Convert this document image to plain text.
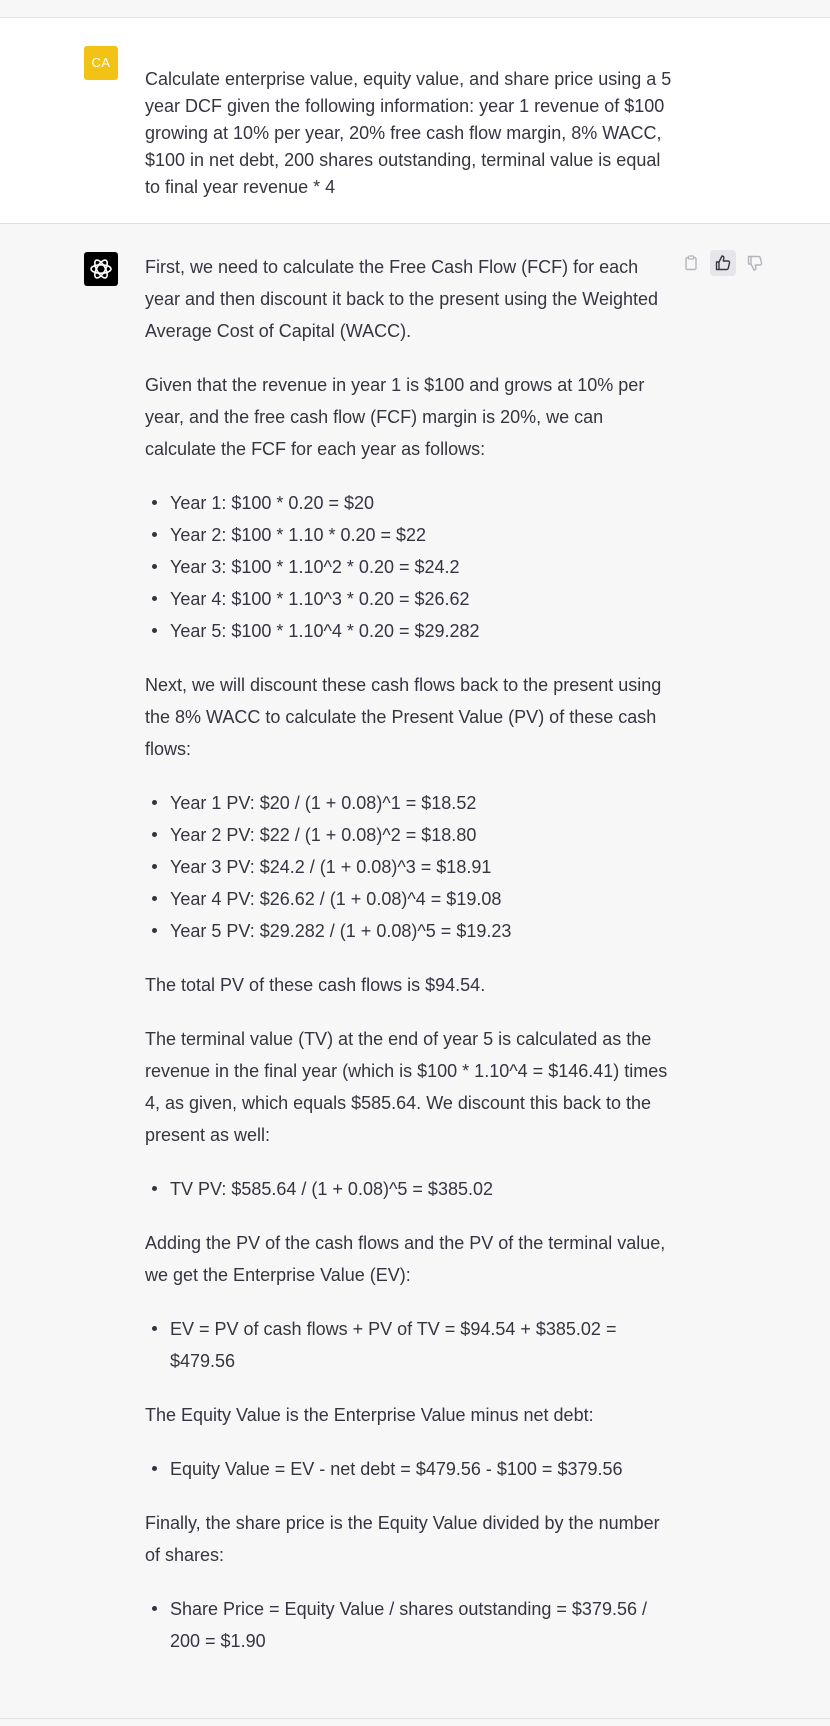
CA
Calculate enterprise value, equity value, and share price using a 5 year DCF given the following information: year 1 revenue of $100 growing at 10% per year, 20% free cash flow margin, 8% WACC, $100 in net debt, 200 shares outstanding, terminal value is equal to final year revenue * 4

First, we need to calculate the Free Cash Flow (FCF) for each year and then discount it back to the present using the Weighted Average Cost of Capital (WACC).

Given that the revenue in year 1 is $100 and grows at 10% per year, and the free cash flow (FCF) margin is 20%, we can calculate the FCF for each year as follows:

Year 1: $100 * 0.20 = $20
Year 2: $100 * 1.10 * 0.20 = $22
Year 3: $100 * 1.10^2 * 0.20 = $24.2
Year 4: $100 * 1.10^3 * 0.20 = $26.62
Year 5: $100 * 1.10^4 * 0.20 = $29.282

Next, we will discount these cash flows back to the present using the 8% WACC to calculate the Present Value (PV) of these cash flows:

Year 1 PV: $20 / (1 + 0.08)^1 = $18.52
Year 2 PV: $22 / (1 + 0.08)^2 = $18.80
Year 3 PV: $24.2 / (1 + 0.08)^3 = $18.91
Year 4 PV: $26.62 / (1 + 0.08)^4 = $19.08
Year 5 PV: $29.282 / (1 + 0.08)^5 = $19.23

The total PV of these cash flows is $94.54.

The terminal value (TV) at the end of year 5 is calculated as the revenue in the final year (which is $100 * 1.10^4 = $146.41) times 4, as given, which equals $585.64. We discount this back to the present as well:

TV PV: $585.64 / (1 + 0.08)^5 = $385.02

Adding the PV of the cash flows and the PV of the terminal value, we get the Enterprise Value (EV):

EV = PV of cash flows + PV of TV = $94.54 + $385.02 = $479.56

The Equity Value is the Enterprise Value minus net debt:

Equity Value = EV - net debt = $479.56 - $100 = $379.56

Finally, the share price is the Equity Value divided by the number of shares:

Share Price = Equity Value / shares outstanding = $379.56 / 200 = $1.90
